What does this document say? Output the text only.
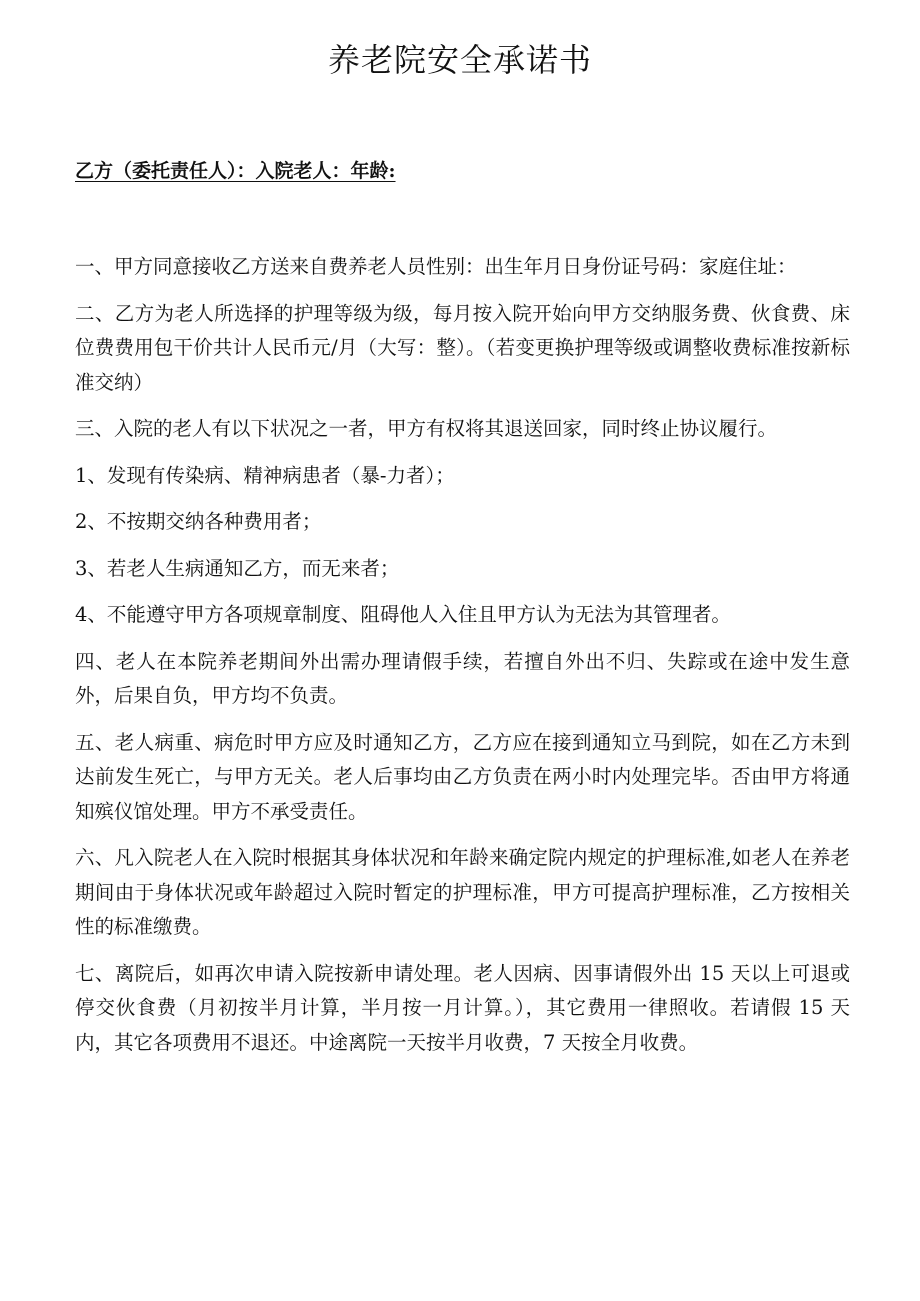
养老院安全承诺书

乙方（委托责任人）：入院老人：年龄:

一、甲方同意接收乙方送来自费养老人员性别：出生年月日身份证号码：家庭住址：

二、乙方为老人所选择的护理等级为级，每月按入院开始向甲方交纳服务费、伙食费、床位费费用包干价共计人民币元/月（大写：整）。（若变更换护理等级或调整收费标准按新标准交纳）

三、入院的老人有以下状况之一者，甲方有权将其退送回家，同时终止协议履行。

1、发现有传染病、精神病患者（暴-力者）；

2、不按期交纳各种费用者；

3、若老人生病通知乙方，而无来者；

4、不能遵守甲方各项规章制度、阻碍他人入住且甲方认为无法为其管理者。

四、老人在本院养老期间外出需办理请假手续，若擅自外出不归、失踪或在途中发生意外，后果自负，甲方均不负责。

五、老人病重、病危时甲方应及时通知乙方，乙方应在接到通知立马到院，如在乙方未到达前发生死亡，与甲方无关。老人后事均由乙方负责在两小时内处理完毕。否由甲方将通知殡仪馆处理。甲方不承受责任。

六、凡入院老人在入院时根据其身体状况和年龄来确定院内规定的护理标准,如老人在养老期间由于身体状况或年龄超过入院时暂定的护理标准，甲方可提高护理标准，乙方按相关性的标准缴费。

七、离院后，如再次申请入院按新申请处理。老人因病、因事请假外出 15 天以上可退或停交伙食费（月初按半月计算，半月按一月计算。），其它费用一律照收。若请假 15 天内，其它各项费用不退还。中途离院一天按半月收费，7 天按全月收费。
